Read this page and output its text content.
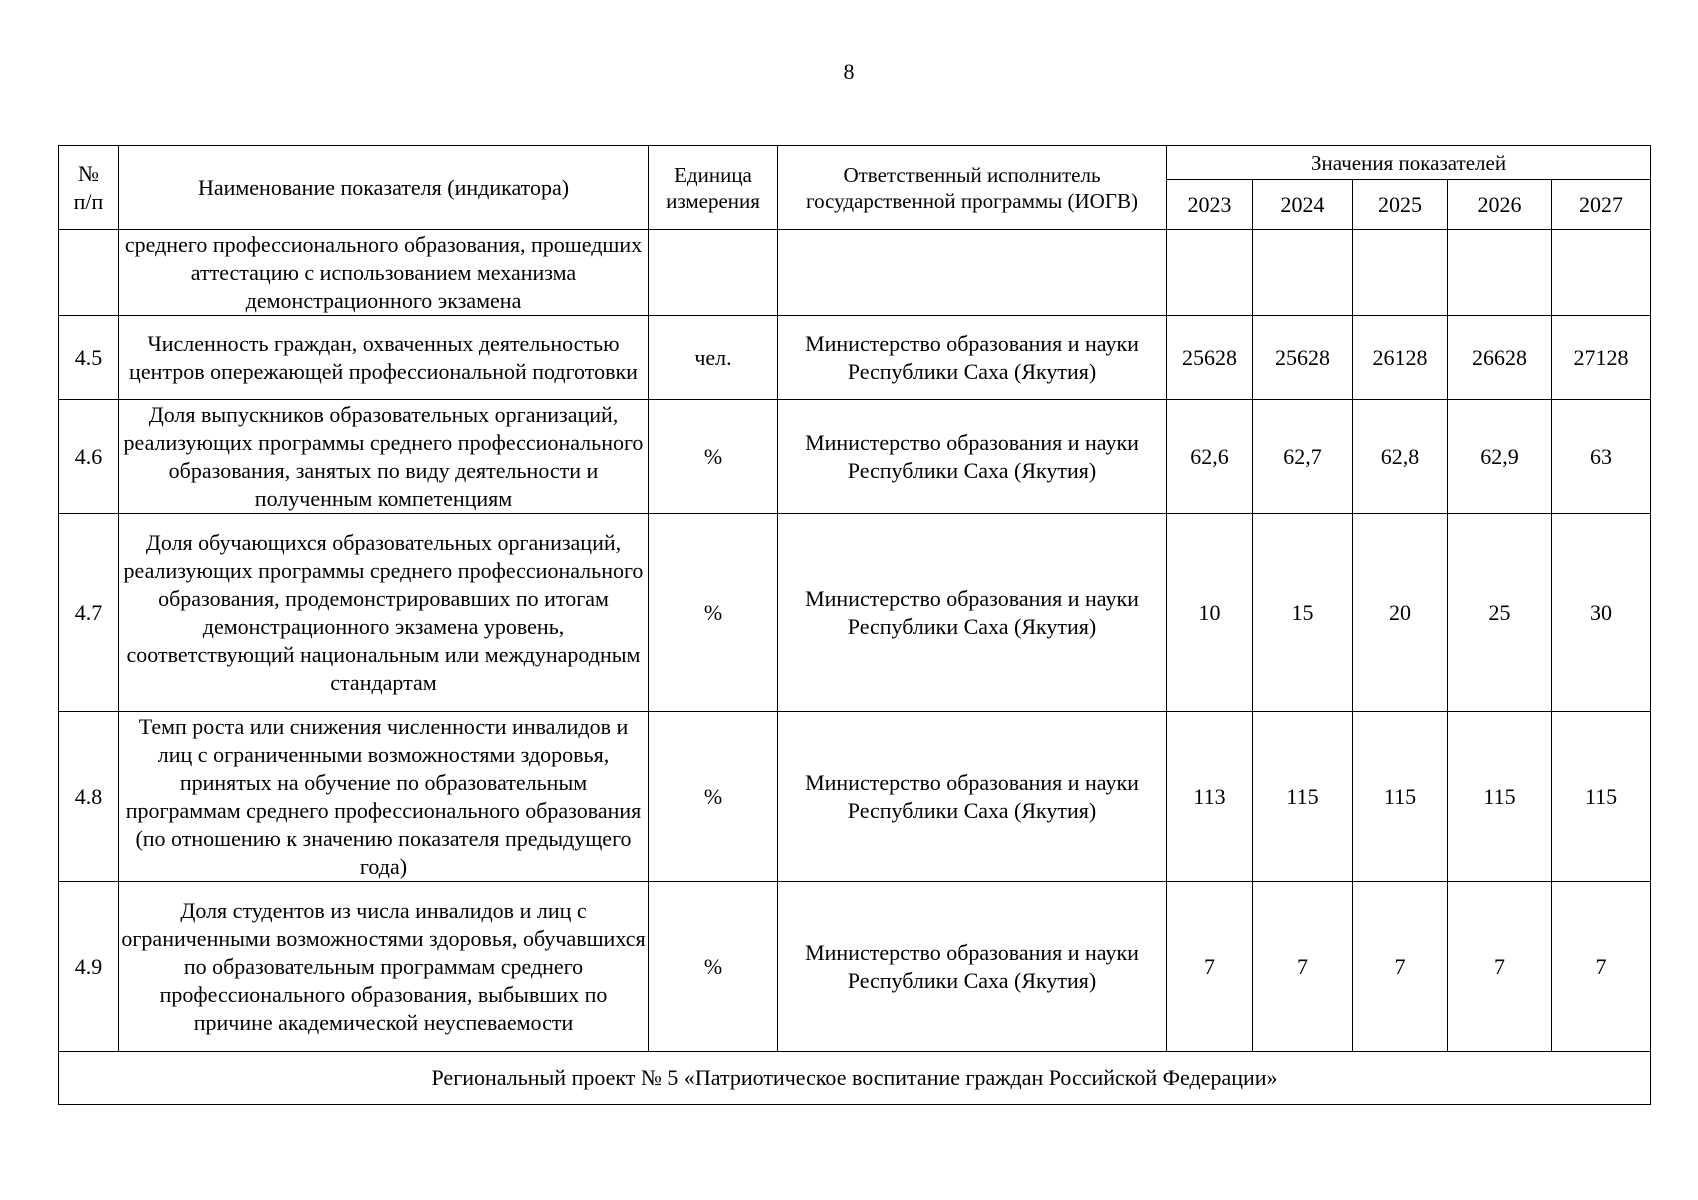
8
№
п/п	Наименование показателя (индикатора)	Единица измерения	Ответственный исполнитель государственной программы (ИОГВ)	Значения показателей				
				2023	2024	2025	2026	2027
	среднего профессионального образования, прошедших аттестацию с использованием механизма демонстрационного экзамена							
4.5	Численность граждан, охваченных деятельностью центров опережающей профессиональной подготовки	чел.	Министерство образования и науки Республики Саха (Якутия)	25628	25628	26128	26628	27128
4.6	Доля выпускников образовательных организаций, реализующих программы среднего профессионального образования, занятых по виду деятельности и полученным компетенциям	%	Министерство образования и науки Республики Саха (Якутия)	62,6	62,7	62,8	62,9	63
4.7	Доля обучающихся образовательных организаций, реализующих программы среднего профессионального образования, продемонстрировавших по итогам демонстрационного экзамена уровень, соответствующий национальным или международным стандартам	%	Министерство образования и науки Республики Саха (Якутия)	10	15	20	25	30
4.8	Темп роста или снижения численности инвалидов и лиц с ограниченными возможностями здоровья, принятых на обучение по образовательным программам среднего профессионального образования (по отношению к значению показателя предыдущего года)	%	Министерство образования и науки Республики Саха (Якутия)	113	115	115	115	115
4.9	Доля студентов из числа инвалидов и лиц с ограниченными возможностями здоровья, обучавшихся по образовательным программам среднего профессионального образования, выбывших по причине академической неуспеваемости	%	Министерство образования и науки Республики Саха (Якутия)	7	7	7	7	7
Региональный проект № 5 «Патриотическое воспитание граждан Российской Федерации»								
